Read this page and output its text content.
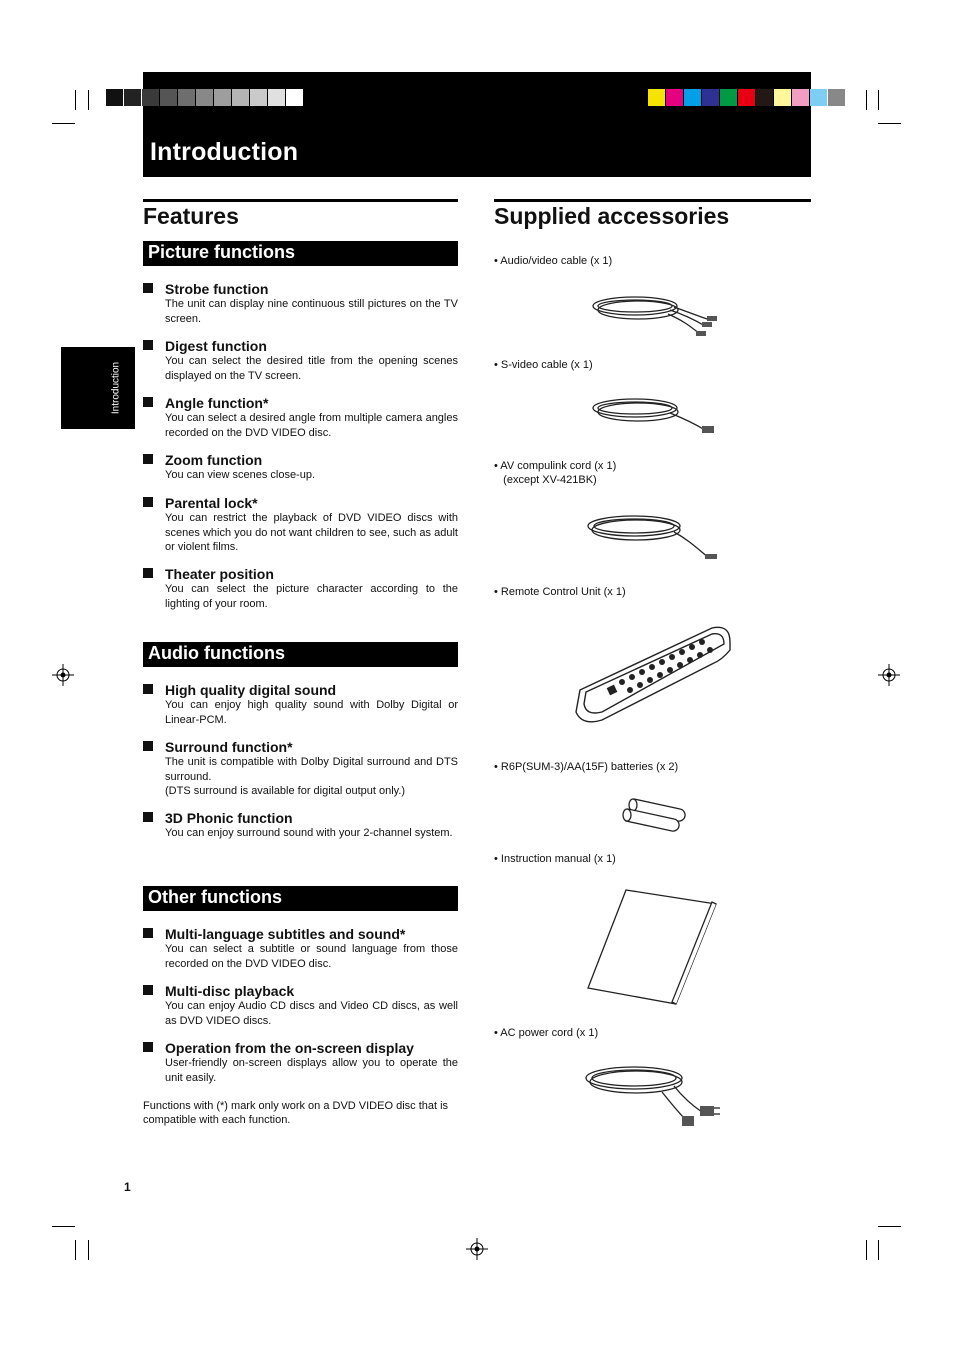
Introduction
Introduction
Features
Picture functions
Strobe function
The unit can display nine continuous still pictures on the TV screen.
Digest function
You can select the desired title from the opening scenes displayed on the TV screen.
Angle function*
You can select a desired angle from multiple camera angles recorded on the DVD VIDEO disc.
Zoom function
You can view scenes close-up.
Parental lock*
You can restrict the playback of DVD VIDEO discs with scenes which you do not want children to see, such as adult or violent films.
Theater position
You can select the picture character according to the lighting of your room.
Audio functions
High quality digital sound
You can enjoy high quality sound with Dolby Digital or Linear-PCM.
Surround function*
The unit is compatible with Dolby Digital surround and DTS surround.
(DTS surround is available for digital output only.)
3D Phonic function
You can enjoy surround sound with your 2-channel system.
Other functions
Multi-language subtitles and sound*
You can select a subtitle or sound language from those recorded on the DVD VIDEO disc.
Multi-disc playback
You can enjoy Audio CD discs and Video CD discs, as well as DVD VIDEO discs.
Operation from the on-screen display
User-friendly on-screen displays allow you to operate the unit easily.
Functions with (*) mark only work on a DVD VIDEO disc that is compatible with each function.
1
Supplied accessories
• Audio/video cable (x 1)
• S-video cable (x 1)
• AV compulink cord (x 1)
(except XV-421BK)
• Remote Control Unit (x 1)
• R6P(SUM-3)/AA(15F) batteries (x 2)
• Instruction manual (x 1)
• AC power cord (x 1)
